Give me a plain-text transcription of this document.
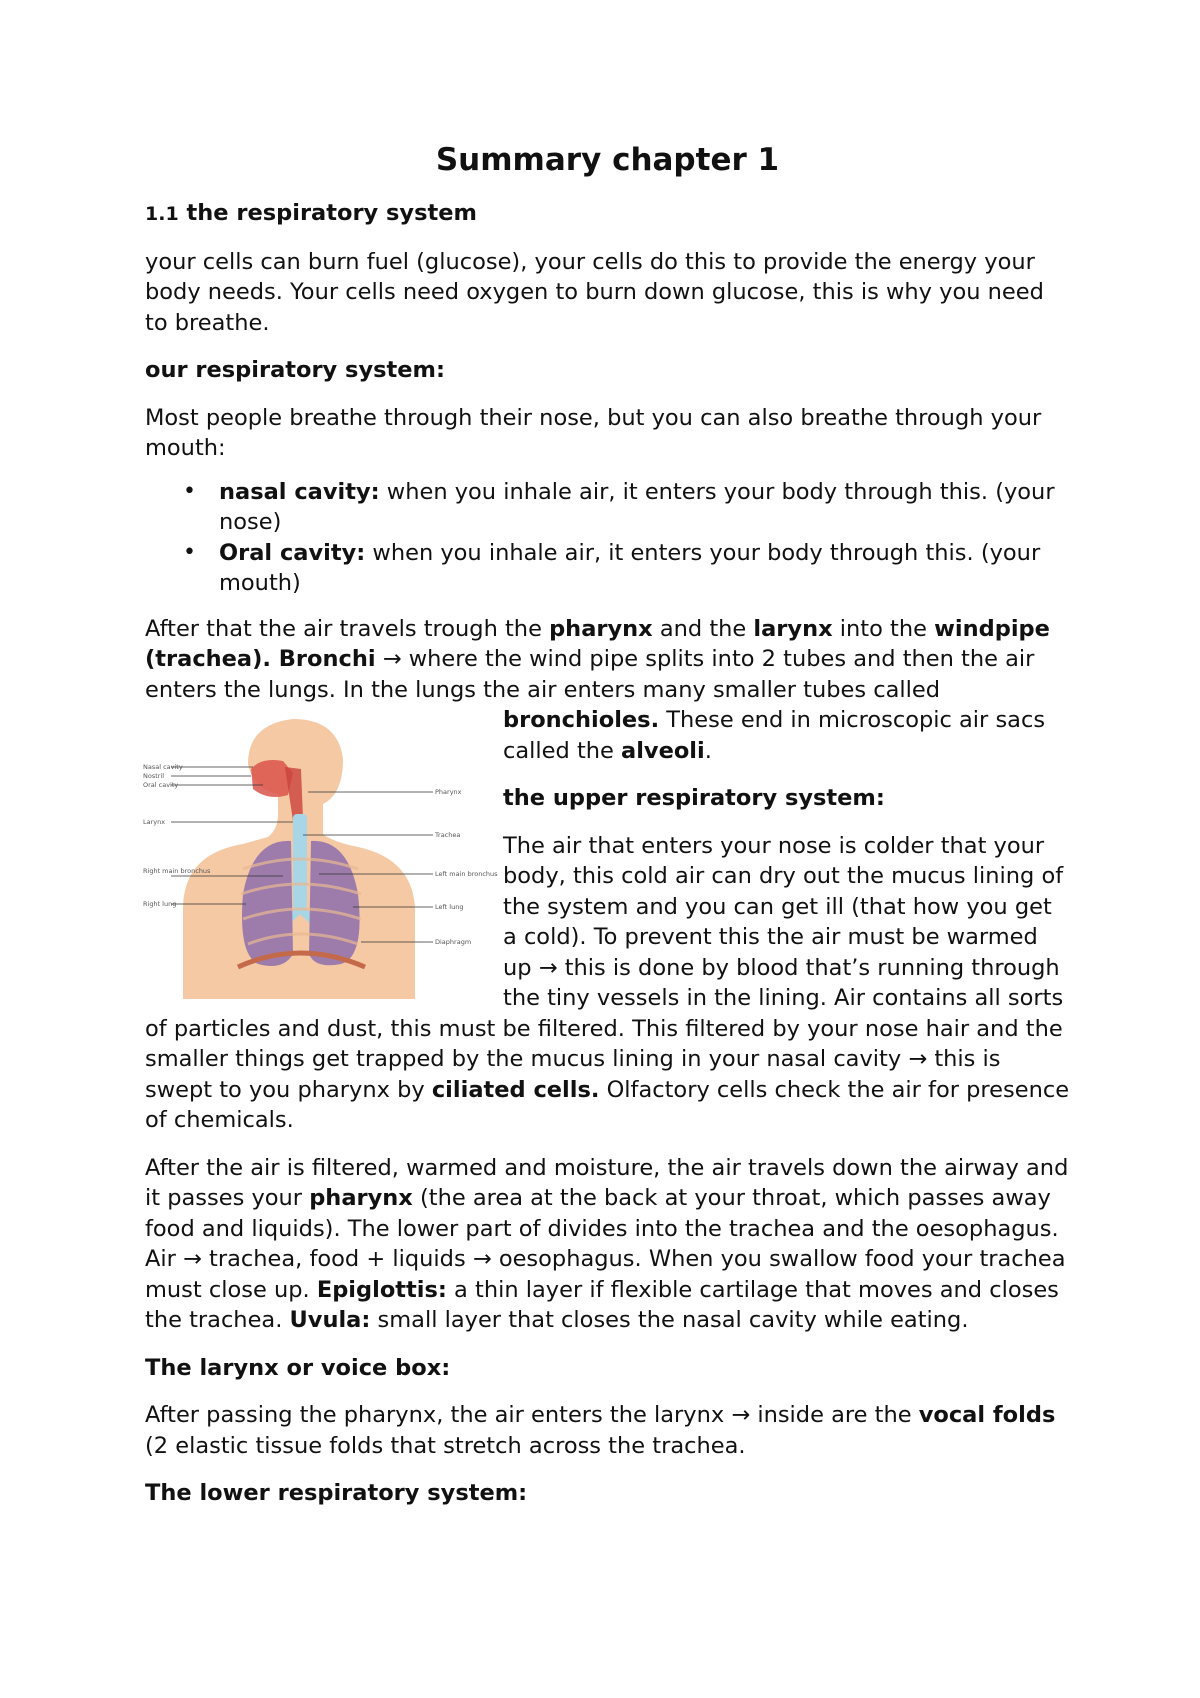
Summary chapter 1

1.1 the respiratory system

your cells can burn fuel (glucose), your cells do this to provide the energy your body needs. Your cells need oxygen to burn down glucose, this is why you need to breathe.

our respiratory system:

Most people breathe through their nose, but you can also breathe through your mouth:

• nasal cavity: when you inhale air, it enters your body through this. (your nose)
• Oral cavity: when you inhale air, it enters your body through this. (your mouth)

After that the air travels trough the pharynx and the larynx into the windpipe (trachea). Bronchi → where the wind pipe splits into 2 tubes and then the air enters the lungs. In the lungs the air enters many smaller tubes called

Nasal cavity
Nostril
Oral cavity
Larynx
Right main bronchus
Right lung
Pharynx
Trachea
Left main bronchus
Left lung
Diaphragm

bronchioles. These end in microscopic air sacs called the alveoli.

the upper respiratory system:

The air that enters your nose is colder that your body, this cold air can dry out the mucus lining of the system and you can get ill (that how you get a cold). To prevent this the air must be warmed up → this is done by blood that’s running through the tiny vessels in the lining. Air contains all sorts of particles and dust, this must be filtered. This filtered by your nose hair and the smaller things get trapped by the mucus lining in your nasal cavity → this is swept to you pharynx by ciliated cells. Olfactory cells check the air for presence of chemicals.

After the air is filtered, warmed and moisture, the air travels down the airway and it passes your pharynx (the area at the back at your throat, which passes away food and liquids). The lower part of divides into the trachea and the oesophagus. Air → trachea, food + liquids → oesophagus. When you swallow food your trachea must close up. Epiglottis: a thin layer if flexible cartilage that moves and closes the trachea. Uvula: small layer that closes the nasal cavity while eating.

The larynx or voice box:

After passing the pharynx, the air enters the larynx → inside are the vocal folds (2 elastic tissue folds that stretch across the trachea.

The lower respiratory system:
